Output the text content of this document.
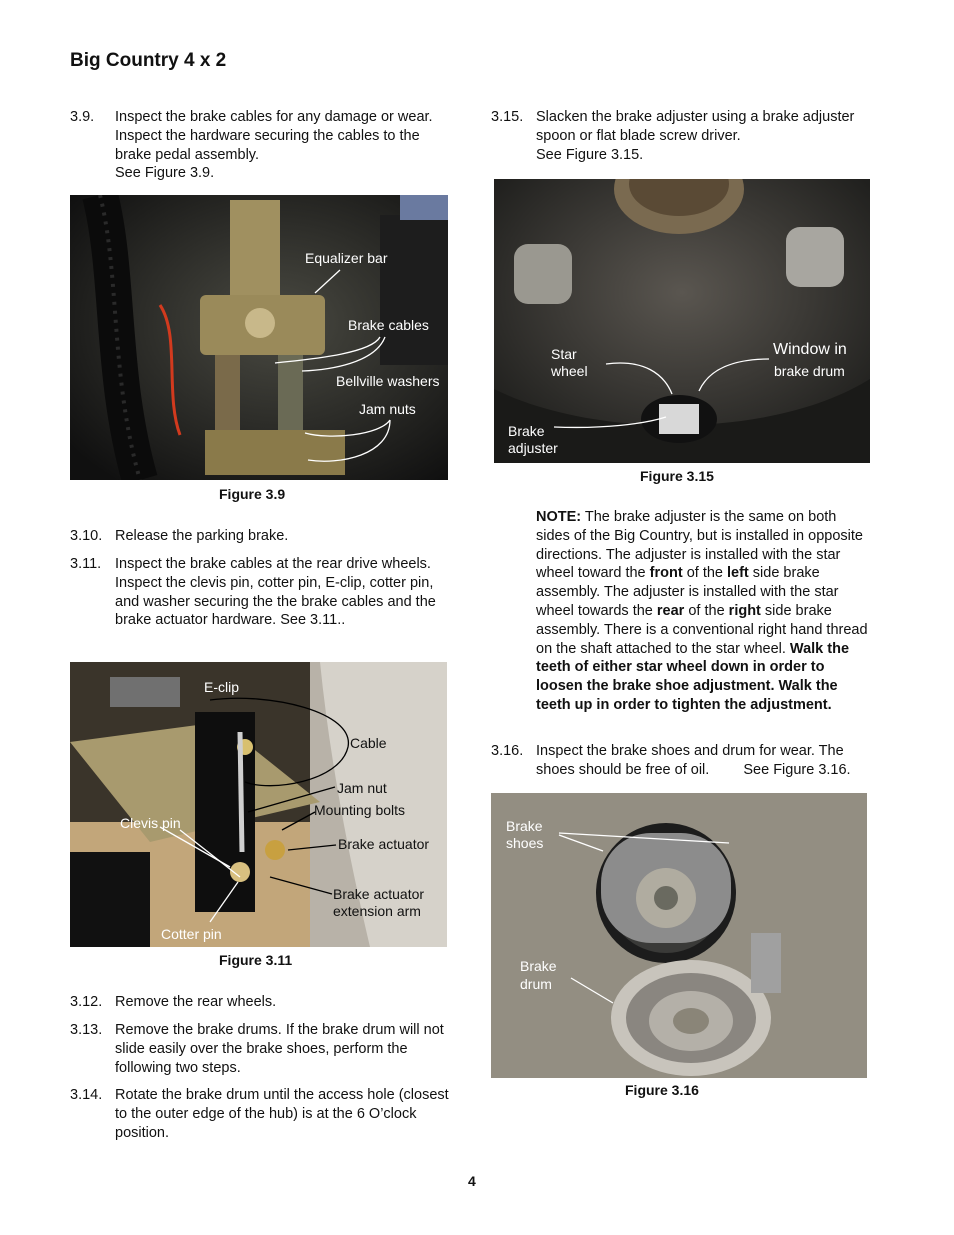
Big Country 4 x 2
3.9. Inspect the brake cables for any damage or wear. Inspect the hardware securing the cables to the brake pedal assembly.
See Figure 3.9.
Equalizer bar
Brake cables
Bellville washers
Jam nuts
Figure 3.9
3.10. Release the parking brake.
3.11. Inspect the brake cables at the rear drive wheels. Inspect the clevis pin, cotter pin, E-clip, cotter pin, and washer securing the the brake cables and the brake actuator hardware. See 3.11..
E-clip
Cable
Jam nut
Mounting bolts
Clevis pin
Brake actuator
Brake actuator
extension arm
Cotter pin
Figure 3.11
3.12. Remove the rear wheels.
3.13. Remove the brake drums. If the brake drum will not slide easily over the brake shoes, perform the following two steps.
3.14. Rotate the brake drum until the access hole (closest to the outer edge of the hub) is at the 6 O’clock position.
3.15. Slacken the brake adjuster using a brake adjuster spoon or flat blade screw driver.
See Figure 3.15.
Star
wheel
Window in
brake drum
Brake
adjuster
Figure 3.15
NOTE: The brake adjuster is the same on both sides of the Big Country, but is installed in opposite directions. The adjuster is installed with the star wheel toward the front of the left side brake assembly. The adjuster is installed with the star wheel towards the rear of the right side brake assembly. There is a conventional right hand thread on the shaft attached to the star wheel. Walk the teeth of either star wheel down in order to loosen the brake shoe adjustment. Walk the teeth up in order to tighten the adjustment.
3.16. Inspect the brake shoes and drum for wear. The shoes should be free of oil. See Figure 3.16.
Brake
shoes
Brake
drum
Figure 3.16
4
